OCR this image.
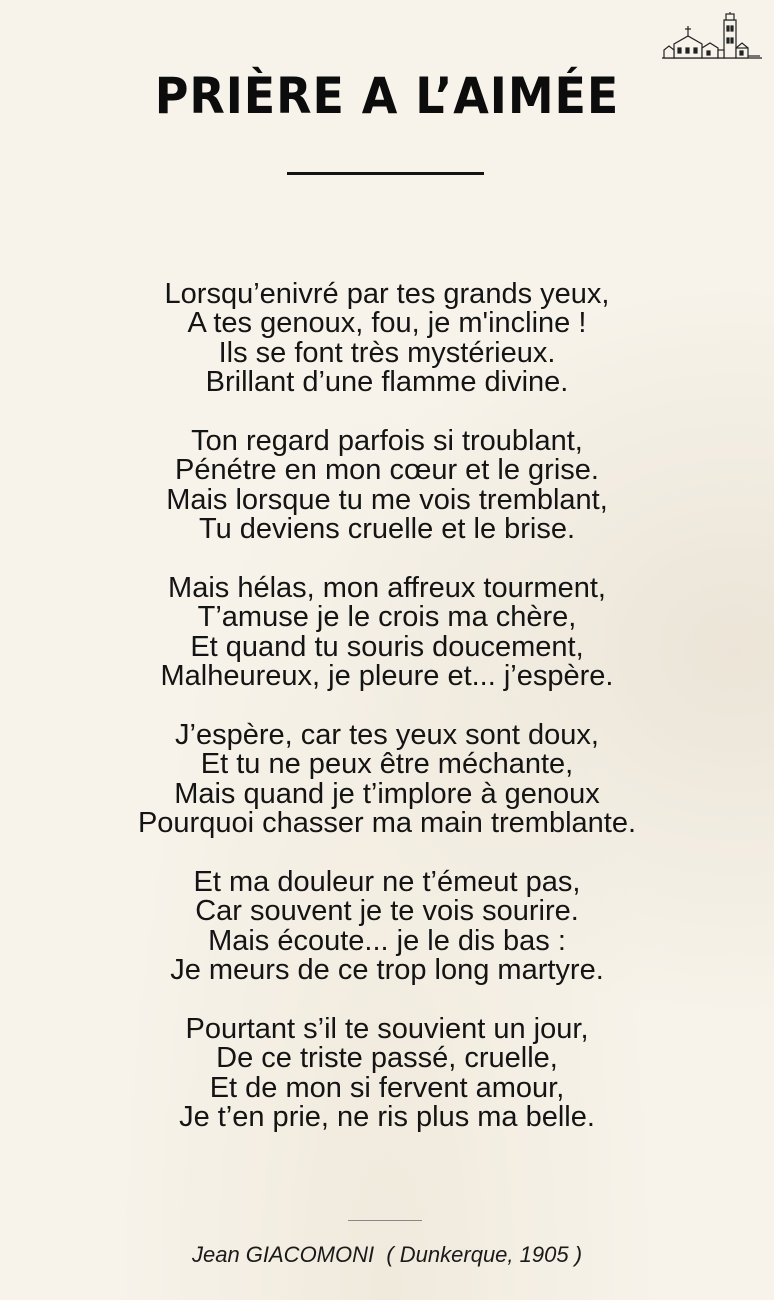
PRIÈRE A L’AIMÉE
Lorsqu’enivré par tes grands yeux,
A tes genoux, fou, je m'incline !
Ils se font très mystérieux.
Brillant d’une flamme divine.
Ton regard parfois si troublant,
Pénétre en mon cœur et le grise.
Mais lorsque tu me vois tremblant,
Tu deviens cruelle et le brise.
Mais hélas, mon affreux tourment,
T’amuse je le crois ma chère,
Et quand tu souris doucement,
Malheureux, je pleure et... j’espère.
J’espère, car tes yeux sont doux,
Et tu ne peux être méchante,
Mais quand je t’implore à genoux
Pourquoi chasser ma main tremblante.
Et ma douleur ne t’émeut pas,
Car souvent je te vois sourire.
Mais écoute... je le dis bas :
Je meurs de ce trop long martyre.
Pourtant s’il te souvient un jour,
De ce triste passé, cruelle,
Et de mon si fervent amour,
Je t’en prie, ne ris plus ma belle.
Jean GIACOMONI  ( Dunkerque, 1905 )
